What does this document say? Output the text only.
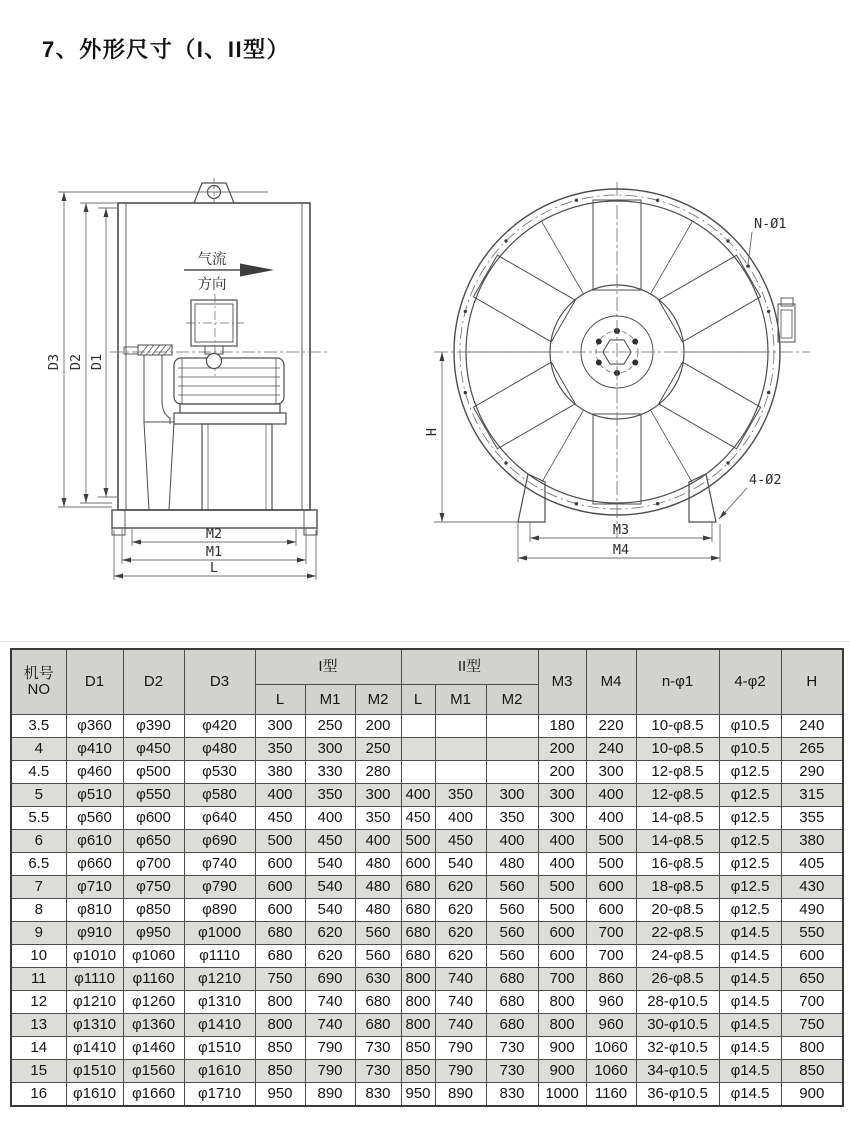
7、外形尺寸（I、II型）
气流
方向
D3 D2 D1
M2
M1
L
N-Ø1
4-Ø2
H
M3
M4
机号
NO	D1	D2	D3	I型			II型			M3	M4	n-φ1	4-φ2	H
				L	M1	M2	L	M1	M2					
3.5	φ360	φ390	φ420	300	250	200				180	220	10-φ8.5	φ10.5	240
4	φ410	φ450	φ480	350	300	250				200	240	10-φ8.5	φ10.5	265
4.5	φ460	φ500	φ530	380	330	280				200	300	12-φ8.5	φ12.5	290
5	φ510	φ550	φ580	400	350	300	400	350	300	300	400	12-φ8.5	φ12.5	315
5.5	φ560	φ600	φ640	450	400	350	450	400	350	300	400	14-φ8.5	φ12.5	355
6	φ610	φ650	φ690	500	450	400	500	450	400	400	500	14-φ8.5	φ12.5	380
6.5	φ660	φ700	φ740	600	540	480	600	540	480	400	500	16-φ8.5	φ12.5	405
7	φ710	φ750	φ790	600	540	480	680	620	560	500	600	18-φ8.5	φ12.5	430
8	φ810	φ850	φ890	600	540	480	680	620	560	500	600	20-φ8.5	φ12.5	490
9	φ910	φ950	φ1000	680	620	560	680	620	560	600	700	22-φ8.5	φ14.5	550
10	φ1010	φ1060	φ1110	680	620	560	680	620	560	600	700	24-φ8.5	φ14.5	600
11	φ1110	φ1160	φ1210	750	690	630	800	740	680	700	860	26-φ8.5	φ14.5	650
12	φ1210	φ1260	φ1310	800	740	680	800	740	680	800	960	28-φ10.5	φ14.5	700
13	φ1310	φ1360	φ1410	800	740	680	800	740	680	800	960	30-φ10.5	φ14.5	750
14	φ1410	φ1460	φ1510	850	790	730	850	790	730	900	1060	32-φ10.5	φ14.5	800
15	φ1510	φ1560	φ1610	850	790	730	850	790	730	900	1060	34-φ10.5	φ14.5	850
16	φ1610	φ1660	φ1710	950	890	830	950	890	830	1000	1160	36-φ10.5	φ14.5	900
